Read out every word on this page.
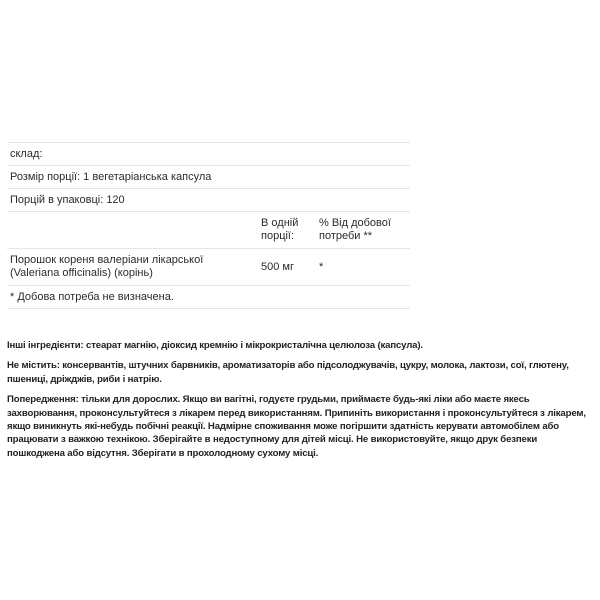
склад:		
Розмір порції: 1 вегетаріанська капсула		
Порцій в упаковці: 120		
	В одній порції:	% Від добової потреби **
Порошок кореня валеріани лікарської (Valeriana officinalis) (корінь)	500 мг	*
* Добова потреба не визначена.		

Інші інгредієнти: стеарат магнію, діоксид кремнію і мікрокристалічна целюлоза (капсула).

Не містить: консервантів, штучних барвників, ароматизаторів або підсолоджувачів, цукру, молока, лактози, сої, глютену, пшениці, дріжджів, риби і натрію.

Попередження: тільки для дорослих. Якщо ви вагітні, годуєте грудьми, приймаєте будь-які ліки або маєте якесь захворювання, проконсультуйтеся з лікарем перед використанням. Припиніть використання і проконсультуйтеся з лікарем, якщо виникнуть які-небудь побічні реакції. Надмірне споживання може погіршити здатність керувати автомобілем або працювати з важкою технікою. Зберігайте в недоступному для дітей місці. Не використовуйте, якщо друк безпеки пошкоджена або відсутня. Зберігати в прохолодному сухому місці.
